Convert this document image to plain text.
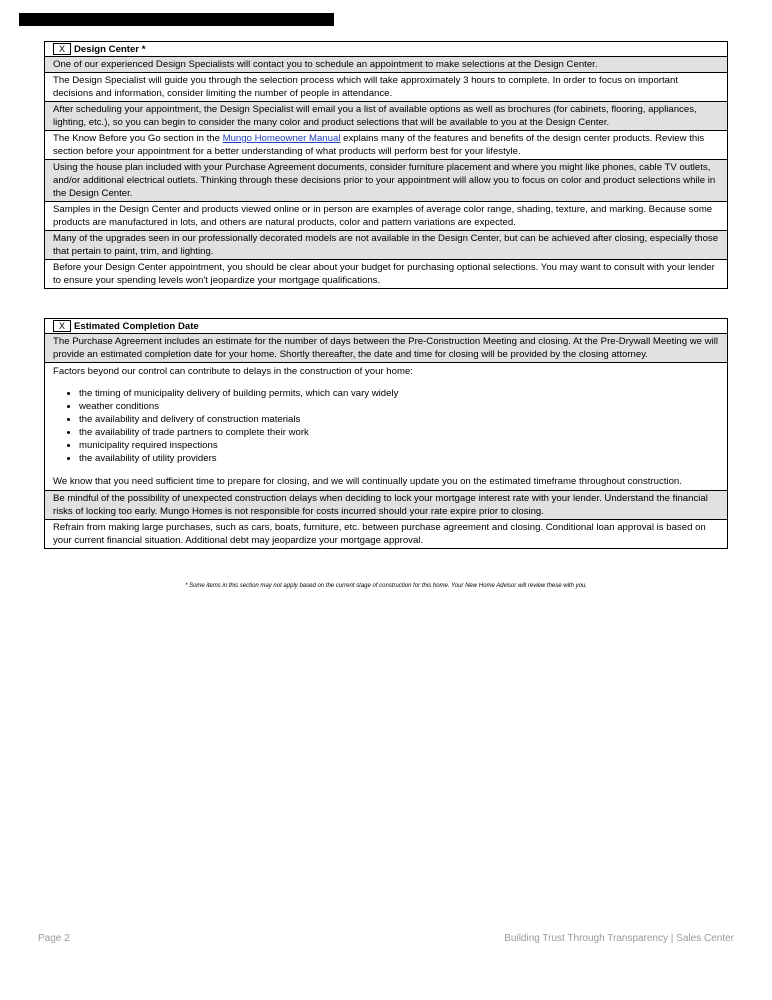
X Design Center *
One of our experienced Design Specialists will contact you to schedule an appointment to make selections at the Design Center.
The Design Specialist will guide you through the selection process which will take approximately 3 hours to complete. In order to focus on important decisions and information, consider limiting the number of people in attendance.
After scheduling your appointment, the Design Specialist will email you a list of available options as well as brochures (for cabinets, flooring, appliances, lighting, etc.), so you can begin to consider the many color and product selections that will be available to you at the Design Center.
The Know Before you Go section in the Mungo Homeowner Manual explains many of the features and benefits of the design center products. Review this section before your appointment for a better understanding of what products will perform best for your lifestyle.
Using the house plan included with your Purchase Agreement documents, consider furniture placement and where you might like phones, cable TV outlets, and/or additional electrical outlets. Thinking through these decisions prior to your appointment will allow you to focus on color and product selections while in the Design Center.
Samples in the Design Center and products viewed online or in person are examples of average color range, shading, texture, and marking. Because some products are manufactured in lots, and others are natural products, color and pattern variations are expected.
Many of the upgrades seen in our professionally decorated models are not available in the Design Center, but can be achieved after closing, especially those that pertain to paint, trim, and lighting.
Before your Design Center appointment, you should be clear about your budget for purchasing optional selections. You may want to consult with your lender to ensure your spending levels won't jeopardize your mortgage qualifications.
X Estimated Completion Date
The Purchase Agreement includes an estimate for the number of days between the Pre-Construction Meeting and closing. At the Pre-Drywall Meeting we will provide an estimated completion date for your home. Shortly thereafter, the date and time for closing will be provided by the closing attorney.
Factors beyond our control can contribute to delays in the construction of your home:
• the timing of municipality delivery of building permits, which can vary widely
• weather conditions
• the availability and delivery of construction materials
• the availability of trade partners to complete their work
• municipality required inspections
• the availability of utility providers
We know that you need sufficient time to prepare for closing, and we will continually update you on the estimated timeframe throughout construction.
Be mindful of the possibility of unexpected construction delays when deciding to lock your mortgage interest rate with your lender. Understand the financial risks of locking too early. Mungo Homes is not responsible for costs incurred should your rate expire prior to closing.
Refrain from making large purchases, such as cars, boats, furniture, etc. between purchase agreement and closing. Conditional loan approval is based on your current financial situation. Additional debt may jeopardize your mortgage approval.
* Some items in this section may not apply based on the current stage of construction for this home. Your New Home Advisor will review these with you.
Page 2	Building Trust Through Transparency | Sales Center
